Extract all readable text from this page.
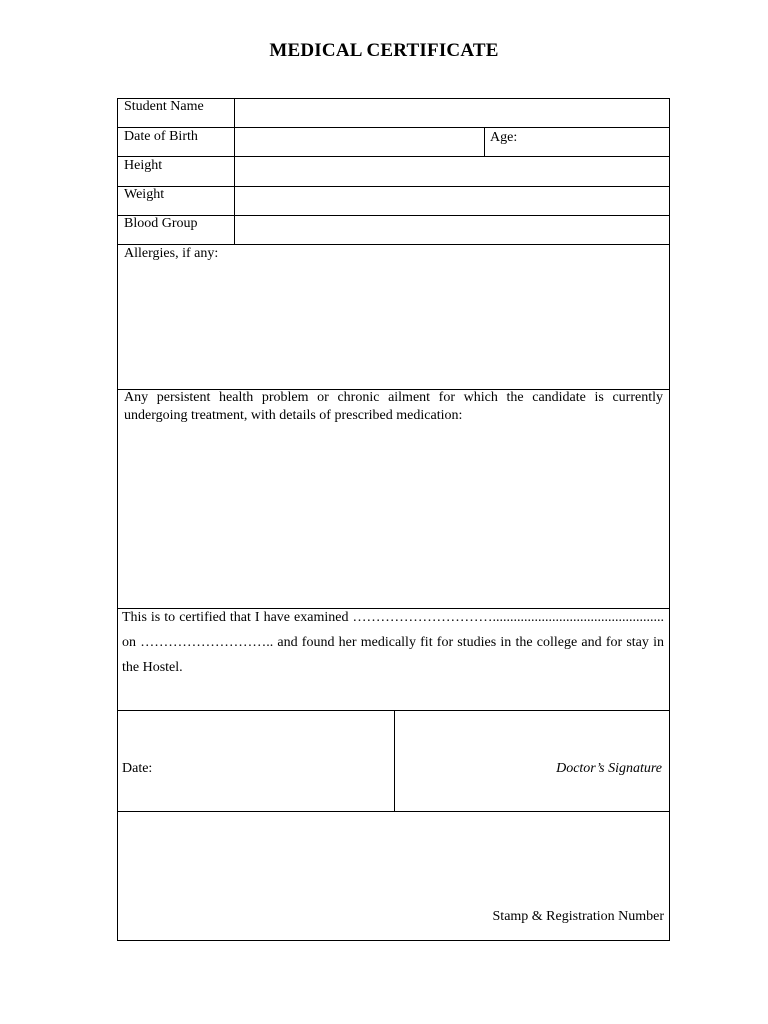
MEDICAL CERTIFICATE
Student Name
Date of Birth	Age:
Height
Weight
Blood Group
Allergies, if any:
Any persistent health problem or chronic ailment for which the candidate is currently undergoing treatment, with details of prescribed medication:
This is to certified that I have examined ………………………….................................................
on ……………………….. and found her medically fit for studies in the college and for stay in
the Hostel.
Date:	Doctor’s Signature
Stamp & Registration Number
